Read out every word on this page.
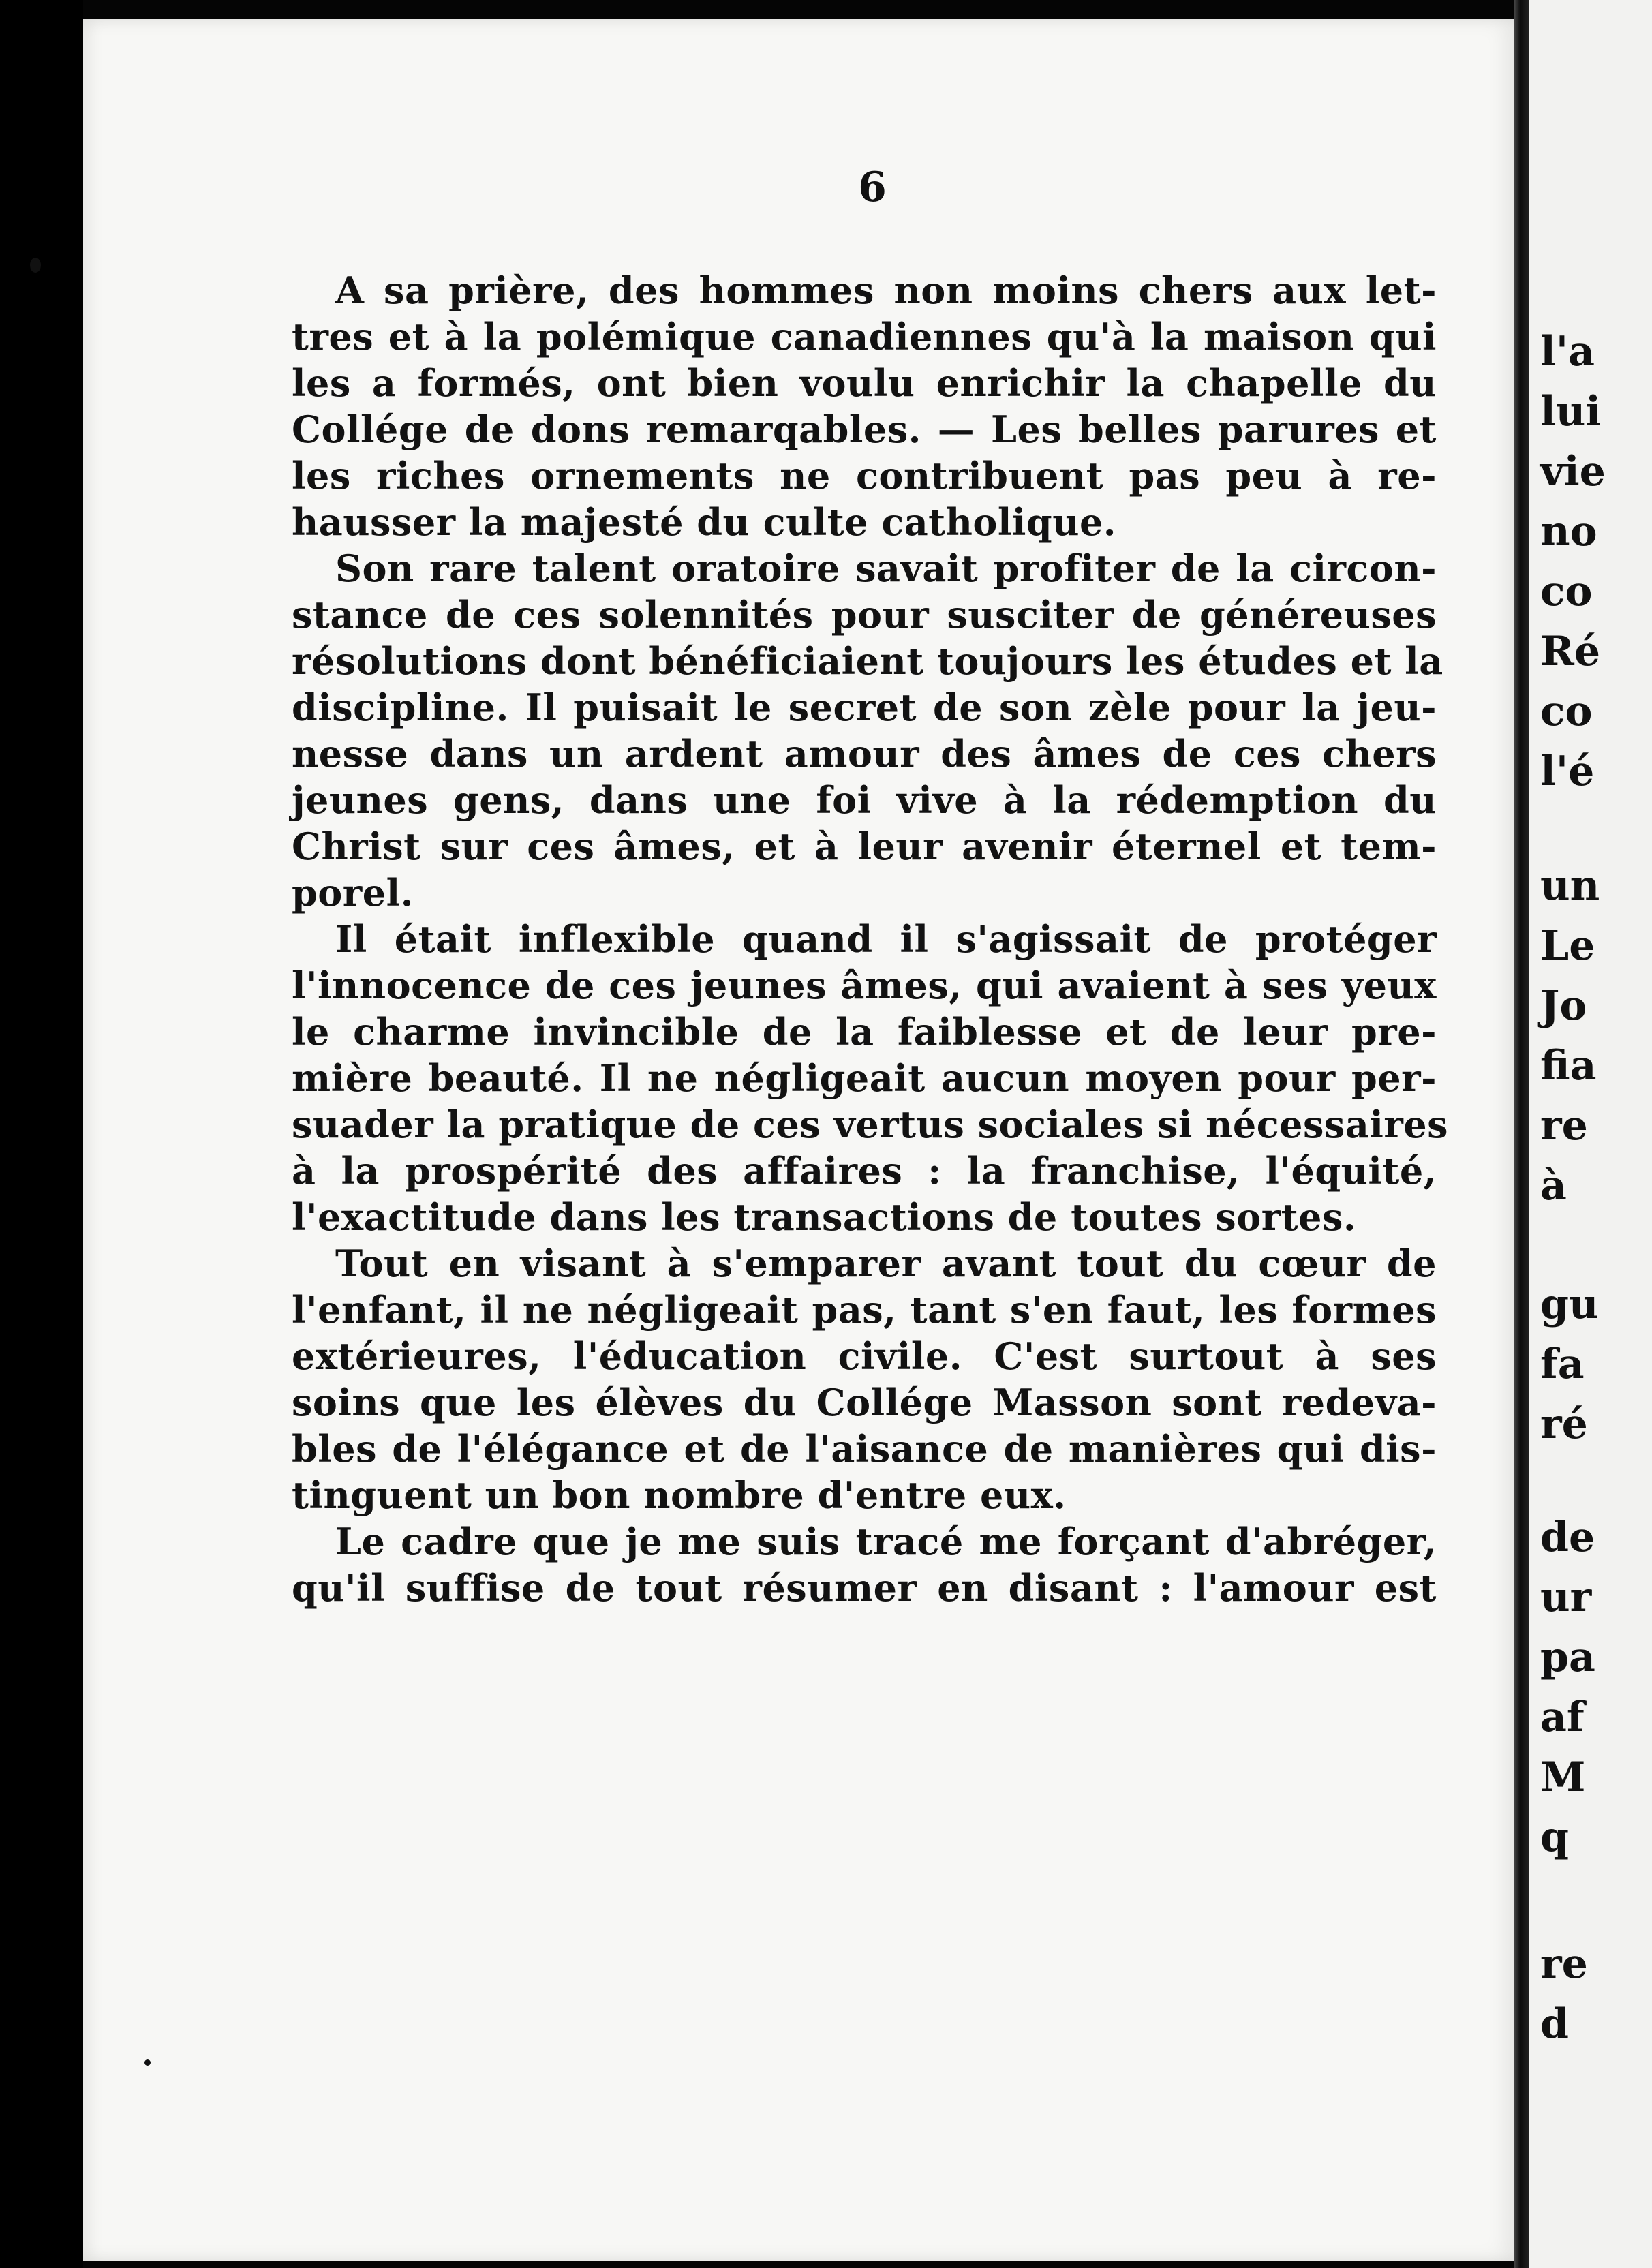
6
A sa prière, des hommes non moins chers aux let-
tres et à la polémique canadiennes qu'à la maison qui
les a formés, ont bien voulu enrichir la chapelle du
Collége de dons remarqables. — Les belles parures et
les riches ornements ne contribuent pas peu à re-
hausser la majesté du culte catholique.
Son rare talent oratoire savait profiter de la circon-
stance de ces solennités pour susciter de généreuses
résolutions dont bénéficiaient toujours les études et la
discipline. Il puisait le secret de son zèle pour la jeu-
nesse dans un ardent amour des âmes de ces chers
jeunes gens, dans une foi vive à la rédemption du
Christ sur ces âmes, et à leur avenir éternel et tem-
porel.
Il était inflexible quand il s'agissait de protéger
l'innocence de ces jeunes âmes, qui avaient à ses yeux
le charme invincible de la faiblesse et de leur pre-
mière beauté. Il ne négligeait aucun moyen pour per-
suader la pratique de ces vertus sociales si nécessaires
à la prospérité des affaires : la franchise, l'équité,
l'exactitude dans les transactions de toutes sortes.
Tout en visant à s'emparer avant tout du cœur de
l'enfant, il ne négligeait pas, tant s'en faut, les formes
extérieures, l'éducation civile. C'est surtout à ses
soins que les élèves du Collége Masson sont redeva-
bles de l'élégance et de l'aisance de manières qui dis-
tinguent un bon nombre d'entre eux.
Le cadre que je me suis tracé me forçant d'abréger,
qu'il suffise de tout résumer en disant : l'amour est
l'a
lui
vie
no
co
Ré
co
l'é
un
Le
Jo
fia
re
à
gu
fa
ré
de
ur
pa
af
M
q
re
d
